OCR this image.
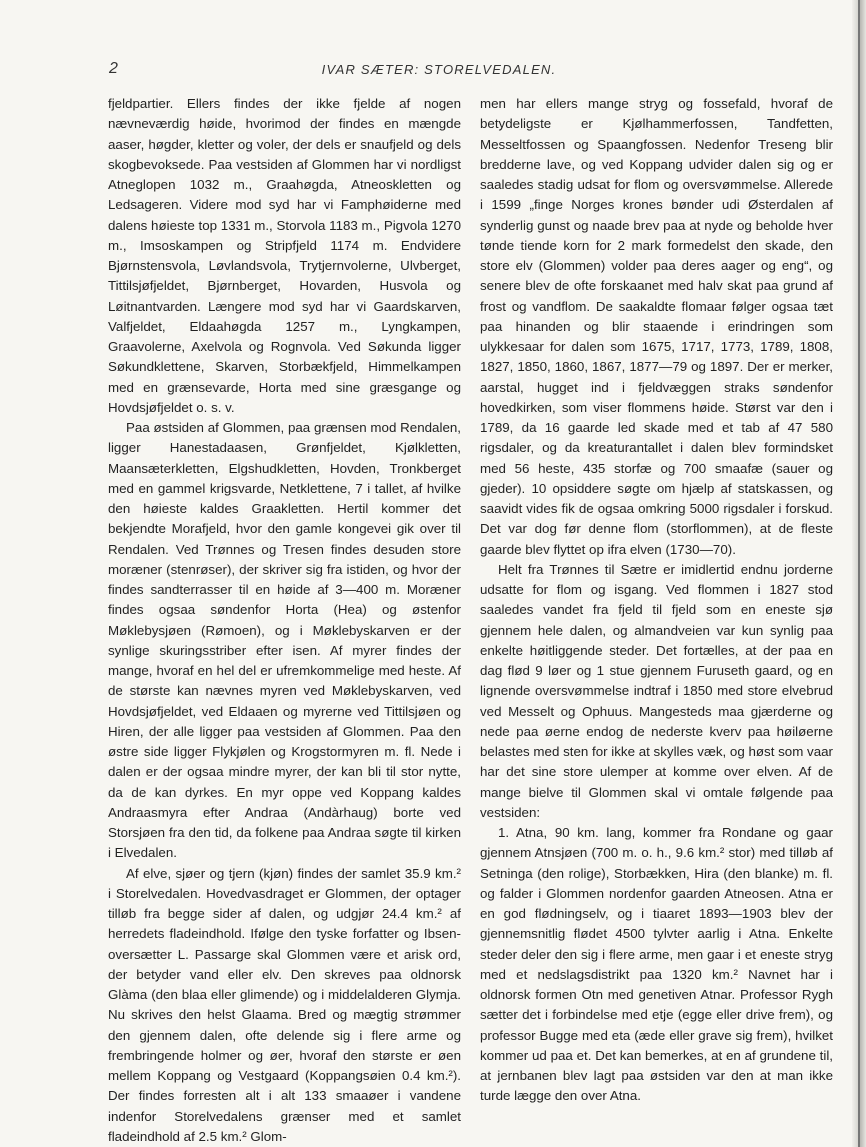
2	IVAR SÆTER: STORELVEDALEN.

fjeldpartier. Ellers findes der ikke fjelde af nogen nævneværdig høide, hvorimod der findes en mængde aaser, høgder, kletter og voler, der dels er snaufjeld og dels skogbevoksede. Paa vestsiden af Glommen har vi nordligst Atneglopen 1032 m., Graahøgda, Atneoskletten og Ledsageren. Videre mod syd har vi Famphøiderne med dalens høieste top 1331 m., Storvola 1183 m., Pigvola 1270 m., Imsoskampen og Stripfjeld 1174 m. Endvidere Bjørnstensvola, Løvlandsvola, Trytjernvolerne, Ulvberget, Tittilsjøfjeldet, Bjørnberget, Hovarden, Husvola og Løitnantvarden. Længere mod syd har vi Gaardskarven, Valfjeldet, Eldaahøgda 1257 m., Lyngkampen, Graavolerne, Axelvola og Rognvola. Ved Søkunda ligger Søkundklettene, Skarven, Storbækfjeld, Himmelkampen med en grænsevarde, Horta med sine græsgange og Hovdsjøfjeldet o. s. v.

Paa østsiden af Glommen, paa grænsen mod Rendalen, ligger Hanestadaasen, Grønfjeldet, Kjølkletten, Maansæterkletten, Elgshudkletten, Hovden, Tronkberget med en gammel krigsvarde, Netklettene, 7 i tallet, af hvilke den høieste kaldes Graakletten. Hertil kommer det bekjendte Morafjeld, hvor den gamle kongevei gik over til Rendalen. Ved Trønnes og Tresen findes desuden store moræner (stenrøser), der skriver sig fra istiden, og hvor der findes sandterrasser til en høide af 3—400 m. Moræner findes ogsaa søndenfor Horta (Hea) og østenfor Møklebysjøen (Rømoen), og i Møklebyskarven er der synlige skuringsstriber efter isen. Af myrer findes der mange, hvoraf en hel del er ufremkommelige med heste. Af de største kan nævnes myren ved Møklebyskarven, ved Hovdsjøfjeldet, ved Eldaaen og myrerne ved Tittilsjøen og Hiren, der alle ligger paa vestsiden af Glommen. Paa den østre side ligger Flykjølen og Krogstormyren m. fl. Nede i dalen er der ogsaa mindre myrer, der kan bli til stor nytte, da de kan dyrkes. En myr oppe ved Koppang kaldes Andraasmyra efter Andraa (Andàrhaug) borte ved Storsjøen fra den tid, da folkene paa Andraa søgte til kirken i Elvedalen.

Af elve, sjøer og tjern (kjøn) findes der samlet 35.9 km.² i Storelvedalen. Hovedvasdraget er Glommen, der optager tilløb fra begge sider af dalen, og udgjør 24.4 km.² af herredets fladeindhold. Ifølge den tyske forfatter og Ibsen-oversætter L. Passarge skal Glommen være et arisk ord, der betyder vand eller elv. Den skreves paa oldnorsk Glàma (den blaa eller glimende) og i middelalderen Glymja. Nu skrives den helst Glaama. Bred og mægtig strømmer den gjennem dalen, ofte delende sig i flere arme og frembringende holmer og øer, hvoraf den største er øen mellem Koppang og Vestgaard (Koppangsøien 0.4 km.²). Der findes forresten alt i alt 133 smaaøer i vandene indenfor Storelvedalens grænser med et samlet fladeindhold af 2.5 km.² Glom-

men har ellers mange stryg og fossefald, hvoraf de betydeligste er Kjølhammerfossen, Tandfetten, Messeltfossen og Spaangfossen. Nedenfor Treseng blir bredderne lave, og ved Koppang udvider dalen sig og er saaledes stadig udsat for flom og oversvømmelse. Allerede i 1599 „finge Norges krones bønder udi Østerdalen af synderlig gunst og naade brev paa at nyde og beholde hver tønde tiende korn for 2 mark formedelst den skade, den store elv (Glommen) volder paa deres aager og eng“, og senere blev de ofte forskaanet med halv skat paa grund af frost og vandflom. De saakaldte flomaar følger ogsaa tæt paa hinanden og blir staaende i erindringen som ulykkesaar for dalen som 1675, 1717, 1773, 1789, 1808, 1827, 1850, 1860, 1867, 1877—79 og 1897. Der er merker, aarstal, hugget ind i fjeldvæggen straks søndenfor hovedkirken, som viser flommens høide. Størst var den i 1789, da 16 gaarde led skade med et tab af 47 580 rigsdaler, og da kreaturantallet i dalen blev formindsket med 56 heste, 435 storfæ og 700 smaafæ (sauer og gjeder). 10 opsiddere søgte om hjælp af statskassen, og saavidt vides fik de ogsaa omkring 5000 rigsdaler i forskud. Det var dog før denne flom (storflommen), at de fleste gaarde blev flyttet op ifra elven (1730—70).

Helt fra Trønnes til Sætre er imidlertid endnu jorderne udsatte for flom og isgang. Ved flommen i 1827 stod saaledes vandet fra fjeld til fjeld som en eneste sjø gjennem hele dalen, og almandveien var kun synlig paa enkelte høitliggende steder. Det fortælles, at der paa en dag flød 9 løer og 1 stue gjennem Furuseth gaard, og en lignende oversvømmelse indtraf i 1850 med store elvebrud ved Messelt og Ophuus. Mangesteds maa gjærderne og nede paa øerne endog de nederste kverv paa høiløerne belastes med sten for ikke at skylles væk, og høst som vaar har det sine store ulemper at komme over elven. Af de mange bielve til Glommen skal vi omtale følgende paa vestsiden:

1. Atna, 90 km. lang, kommer fra Rondane og gaar gjennem Atnsjøen (700 m. o. h., 9.6 km.² stor) med tilløb af Setninga (den rolige), Storbækken, Hira (den blanke) m. fl. og falder i Glommen nordenfor gaarden Atneosen. Atna er en god flødningselv, og i tiaaret 1893—1903 blev der gjennemsnitlig flødet 4500 tylvter aarlig i Atna. Enkelte steder deler den sig i flere arme, men gaar i et eneste stryg med et nedslagsdistrikt paa 1320 km.² Navnet har i oldnorsk formen Otn med genetiven Atnar. Professor Rygh sætter det i forbindelse med etje (egge eller drive frem), og professor Bugge med eta (æde eller grave sig frem), hvilket kommer ud paa et. Det kan bemerkes, at en af grundene til, at jernbanen blev lagt paa østsiden var den at man ikke turde lægge den over Atna.
